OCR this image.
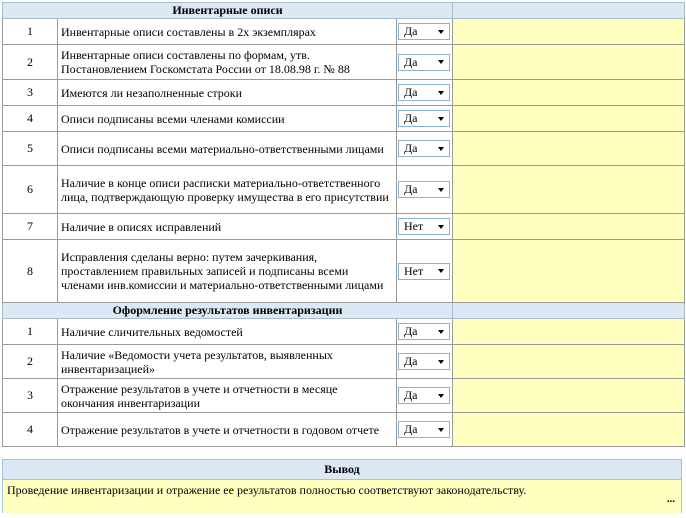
Инвентарные описи			
1	Инвентарные описи составлены в 2х экземплярах	Да	

2	Инвентарные описи составлены по формам, утв. Постановлением Госкомстата России от 18.08.98 г. № 88	Да	

3	Имеются ли незаполненные строки	Да	

4	Описи подписаны всеми членами комиссии	Да	

5	Описи подписаны всеми материально-ответственными лицами	Да	

6	Наличие в конце описи расписки материально-ответственного лица, подтверждающую проверку имущества в его присутствии	Да	

7	Наличие в описях исправлений	Нет	

8	Исправления сделаны верно: путем зачеркивания, проставлением правильных записей и подписаны всеми членами инв.комиссии и материально-ответственными лицами	Нет	

Оформление результатов инвентаризации			
1	Наличие сличительных ведомостей	Да	

2	Наличие «Ведомости учета результатов, выявленных инвентаризацией»	Да	

3	Отражение результатов в учете и отчетности в месяце окончания инвентаризации	Да	

4	Отражение результатов в учете и отчетности в годовом отчете	Да	

Вывод
Проведение инвентаризации и отражение ее результатов полностью соответствуют законодательству.
...
